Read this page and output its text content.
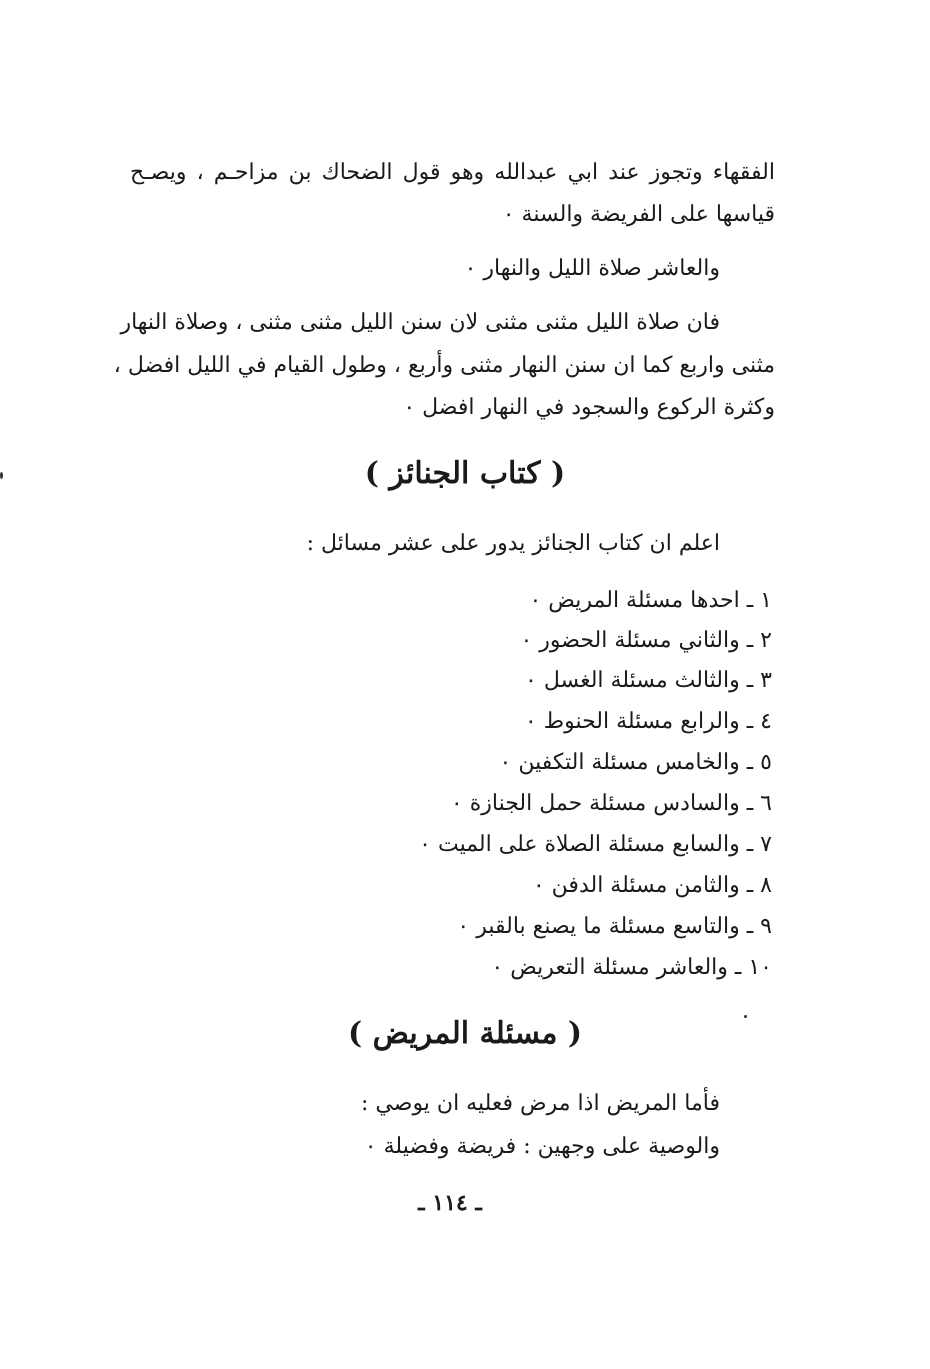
الفقهاء وتجوز عند ابي عبدالله وهو قول الضحاك بن مزاحـم ، ويصـح
قياسها على الفريضة والسنة ٠
والعاشر صلاة الليل والنهار ٠
فان صلاة الليل مثنى مثنى لان سنن الليل مثنى مثنى ، وصلاة النهار
مثنى واربع كما ان سنن النهار مثنى وأربع ، وطول القيام في الليل افضل ،
وكثرة الركوع والسجود في النهار افضل ٠
( كتاب الجنائز )
اعلم ان كتاب الجنائز يدور على عشر مسائل :
١ ـ احدها مسئلة المريض ٠
٢ ـ والثاني مسئلة الحضور ٠
٣ ـ والثالث مسئلة الغسل ٠
٤ ـ والرابع مسئلة الحنوط ٠
٥ ـ والخامس مسئلة التكفين ٠
٦ ـ والسادس مسئلة حمل الجنازة ٠
٧ ـ والسابع مسئلة الصلاة على الميت ٠
٨ ـ والثامن مسئلة الدفن ٠
٩ ـ والتاسع مسئلة ما يصنع بالقبر ٠
١٠ ـ والعاشر مسئلة التعريض ٠
( مسئلة المريض )
فأما المريض اذا مرض فعليه ان يوصي :
والوصية على وجهين : فريضة وفضيلة ٠
ـ ١١٤ ـ
